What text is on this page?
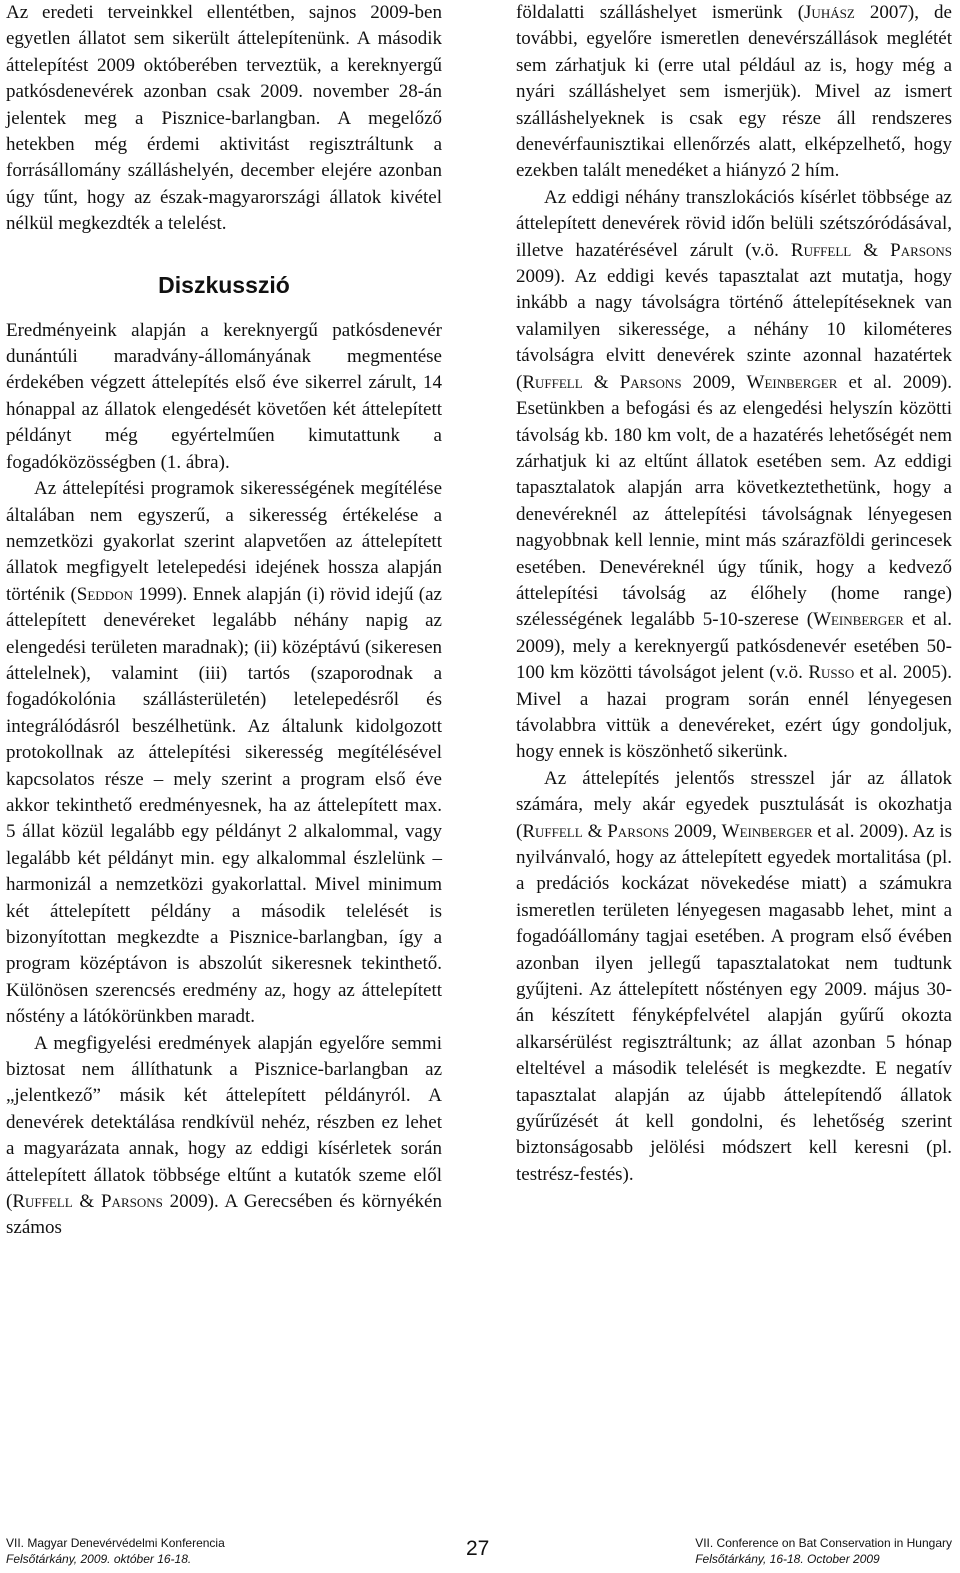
Az eredeti terveinkkel ellentétben, sajnos 2009-ben egyetlen állatot sem sikerült áttelepítenünk. A második áttelepítést 2009 októberében terveztük, a kereknyergű patkósdenevérek azonban csak 2009. november 28-án jelentek meg a Pisznice-barlangban. A megelőző hetekben még érdemi aktivitást regisztráltunk a forrásállomány szálláshelyén, december elejére azonban úgy tűnt, hogy az észak-magyarországi állatok kivétel nélkül megkezdték a telelést.

Diszkusszió

Eredményeink alapján a kereknyergű patkósdenevér dunántúli maradvány-állományának megmentése érdekében végzett áttelepítés első éve sikerrel zárult, 14 hónappal az állatok elengedését követően két áttelepített példányt még egyértelműen kimutattunk a fogadóközösségben (1. ábra).

Az áttelepítési programok sikerességének megítélése általában nem egyszerű, a sikeresség értékelése a nemzetközi gyakorlat szerint alapvetően az áttelepített állatok megfigyelt letelepedési idejének hossza alapján történik (Seddon 1999). Ennek alapján (i) rövid idejű (az áttelepített denevéreket legalább néhány napig az elengedési területen maradnak); (ii) középtávú (sikeresen áttelelnek), valamint (iii) tartós (szaporodnak a fogadókolónia szállásterületén) letelepedésről és integrálódásról beszélhetünk. Az általunk kidolgozott protokollnak az áttelepítési sikeresség megítélésével kapcsolatos része – mely szerint a program első éve akkor tekinthető eredményesnek, ha az áttelepített max. 5 állat közül legalább egy példányt 2 alkalommal, vagy legalább két példányt min. egy alkalommal észlelünk – harmonizál a nemzetközi gyakorlattal. Mivel minimum két áttelepített példány a második telelését is bizonyítottan megkezdte a Pisznice-barlangban, így a program középtávon is abszolút sikeresnek tekinthető. Különösen szerencsés eredmény az, hogy az áttelepített nőstény a látókörünkben maradt.

A megfigyelési eredmények alapján egyelőre semmi biztosat nem állíthatunk a Pisznice-barlangban az „jelentkező” másik két áttelepített példányról. A denevérek detektálása rendkívül nehéz, részben ez lehet a magyarázata annak, hogy az eddigi kísérletek során áttelepített állatok többsége eltűnt a kutatók szeme elől (Ruffell & Parsons 2009). A Gerecsében és környékén számos

földalatti szálláshelyet ismerünk (Juhász 2007), de további, egyelőre ismeretlen denevérszállások meglétét sem zárhatjuk ki (erre utal például az is, hogy még a nyári szálláshelyet sem ismerjük). Mivel az ismert szálláshelyeknek is csak egy része áll rendszeres denevérfaunisztikai ellenőrzés alatt, elképzelhető, hogy ezekben talált menedéket a hiányzó 2 hím.

Az eddigi néhány transzlokációs kísérlet többsége az áttelepített denevérek rövid időn belüli szétszóródásával, illetve hazatérésével zárult (v.ö. Ruffell & Parsons 2009). Az eddigi kevés tapasztalat azt mutatja, hogy inkább a nagy távolságra történő áttelepítéseknek van valamilyen sikeressége, a néhány 10 kilométeres távolságra elvitt denevérek szinte azonnal hazatértek (Ruffell & Parsons 2009, Weinberger et al. 2009). Esetünkben a befogási és az elengedési helyszín közötti távolság kb. 180 km volt, de a hazatérés lehetőségét nem zárhatjuk ki az eltűnt állatok esetében sem. Az eddigi tapasztalatok alapján arra következtethetünk, hogy a denevéreknél az áttelepítési távolságnak lényegesen nagyobbnak kell lennie, mint más szárazföldi gerincesek esetében. Denevéreknél úgy tűnik, hogy a kedvező áttelepítési távolság az élőhely (home range) szélességének legalább 5-10-szerese (Weinberger et al. 2009), mely a kereknyergű patkósdenevér esetében 50-100 km közötti távolságot jelent (v.ö. Russo et al. 2005). Mivel a hazai program során ennél lényegesen távolabbra vittük a denevéreket, ezért úgy gondoljuk, hogy ennek is köszönhető sikerünk.

Az áttelepítés jelentős stresszel jár az állatok számára, mely akár egyedek pusztulását is okozhatja (Ruffell & Parsons 2009, Weinberger et al. 2009). Az is nyilvánvaló, hogy az áttelepített egyedek mortalitása (pl. a predációs kockázat növekedése miatt) a számukra ismeretlen területen lényegesen magasabb lehet, mint a fogadóállomány tagjai esetében. A program első évében azonban ilyen jellegű tapasztalatokat nem tudtunk gyűjteni. Az áttelepített nőstényen egy 2009. május 30-án készített fényképfelvétel alapján gyűrű okozta alkarsérülést regisztráltunk; az állat azonban 5 hónap elteltével a második telelését is megkezdte. E negatív tapasztalat alapján az újabb áttelepítendő állatok gyűrűzését át kell gondolni, és lehetőség szerint biztonságosabb jelölési módszert kell keresni (pl. testrész-festés).

VII. Magyar Denevérvédelmi Konferencia
Felsőtárkány, 2009. október 16-18.	27	VII. Conference on Bat Conservation in Hungary
Felsőtárkány, 16-18. October 2009
